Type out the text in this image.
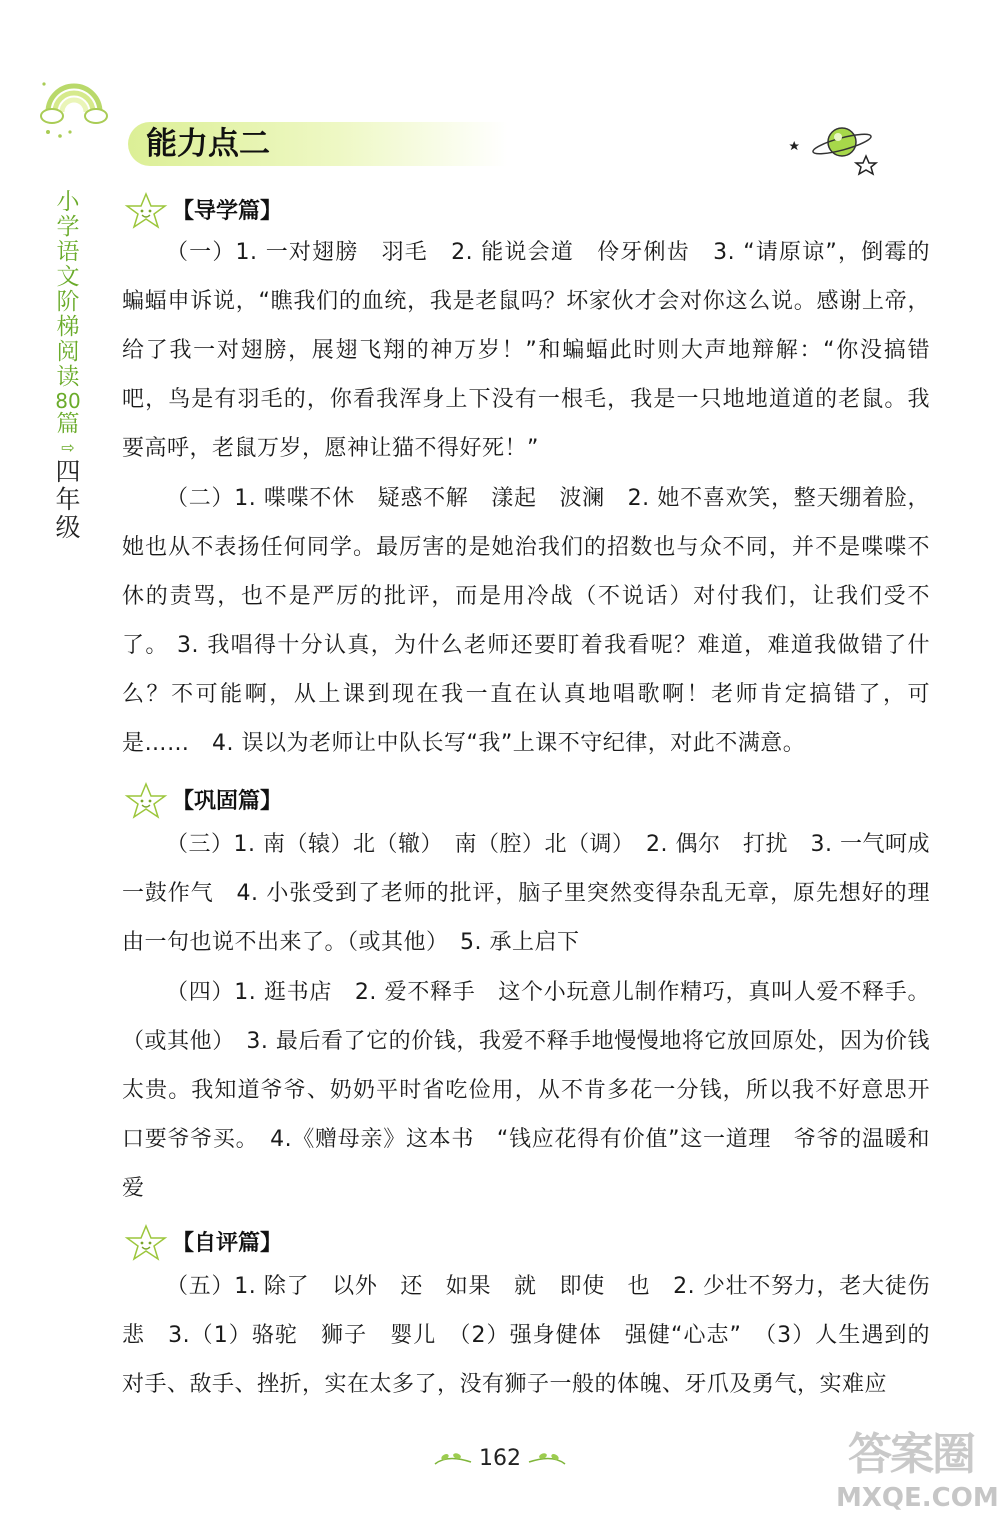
小
学
语
文
阶
梯
阅
读
80
篇
⇨
四
年
级
能力点二
【导学篇】

（一）1. 一对翅膀　羽毛　2. 能说会道　伶牙俐齿　3. “请原谅”，倒霉的蝙蝠申诉说，“瞧我们的血统，我是老鼠吗？坏家伙才会对你这么说。感谢上帝，给了我一对翅膀，展翅飞翔的神万岁！”和蝙蝠此时则大声地辩解：“你没搞错吧，鸟是有羽毛的，你看我浑身上下没有一根毛，我是一只地地道道的老鼠。我要高呼，老鼠万岁，愿神让猫不得好死！”

（二）1. 喋喋不休　疑惑不解　漾起　波澜　2. 她不喜欢笑，整天绷着脸，她也从不表扬任何同学。最厉害的是她治我们的招数也与众不同，并不是喋喋不休的责骂，也不是严厉的批评，而是用冷战（不说话）对付我们，让我们受不了。 3. 我唱得十分认真，为什么老师还要盯着我看呢？难道，难道我做错了什么？不可能啊，从上课到现在我一直在认真地唱歌啊！老师肯定搞错了，可是……　4. 误以为老师让中队长写“我”上课不守纪律，对此不满意。

【巩固篇】

（三）1. 南（辕）北（辙）　南（腔）北（调）　2. 偶尔　打扰　3. 一气呵成　一鼓作气　4. 小张受到了老师的批评，脑子里突然变得杂乱无章，原先想好的理由一句也说不出来了。（或其他）　5. 承上启下

（四）1. 逛书店　2. 爱不释手　这个小玩意儿制作精巧，真叫人爱不释手。（或其他）　3. 最后看了它的价钱，我爱不释手地慢慢地将它放回原处，因为价钱太贵。我知道爷爷、奶奶平时省吃俭用，从不肯多花一分钱，所以我不好意思开口要爷爷买。　4.《赠母亲》这本书　“钱应花得有价值”这一道理　爷爷的温暖和爱

【自评篇】

（五）1. 除了　以外　还　如果　就　即使　也　2. 少壮不努力，老大徒伤悲　3.（1）骆驼　狮子　婴儿　（2）强身健体　强健“心志”　（3）人生遇到的对手、敌手、挫折，实在太多了，没有狮子一般的体魄、牙爪及勇气，实难应

162	答案圈
MXQE.COM
